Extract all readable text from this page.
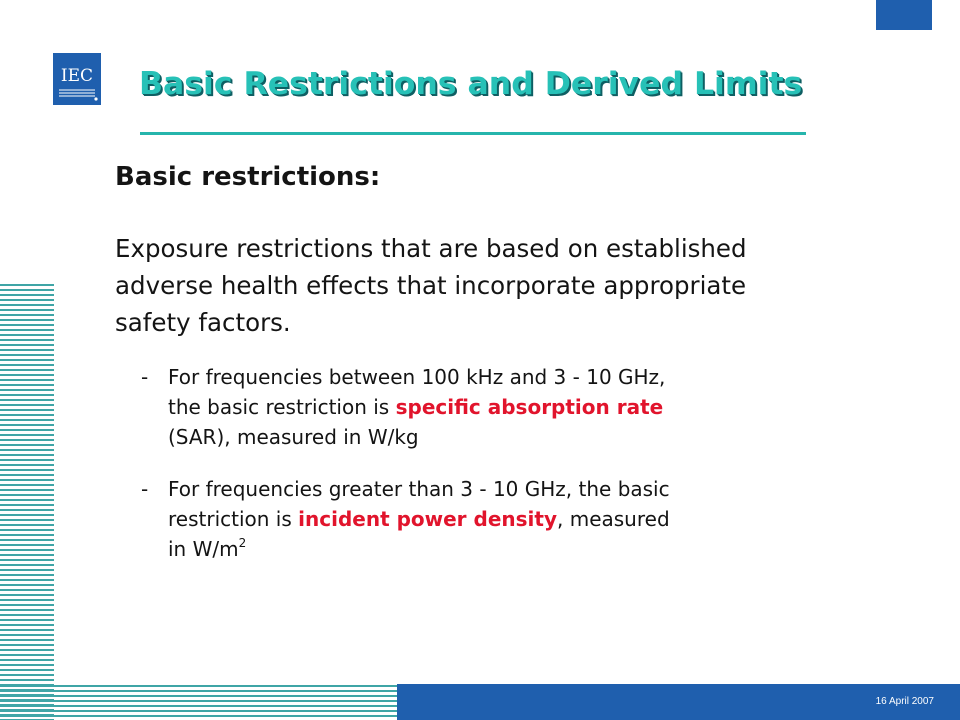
IEC Basic Restrictions and Derived Limits
Basic restrictions:

Exposure restrictions that are based on established adverse health effects that incorporate appropriate safety factors.

- For frequencies between 100 kHz and 3 - 10 GHz,
the basic restriction is specific absorption rate
(SAR), measured in W/kg
- For frequencies greater than 3 - 10 GHz, the basic
restriction is incident power density, measured
in $W/m^2$

16 April 2007
